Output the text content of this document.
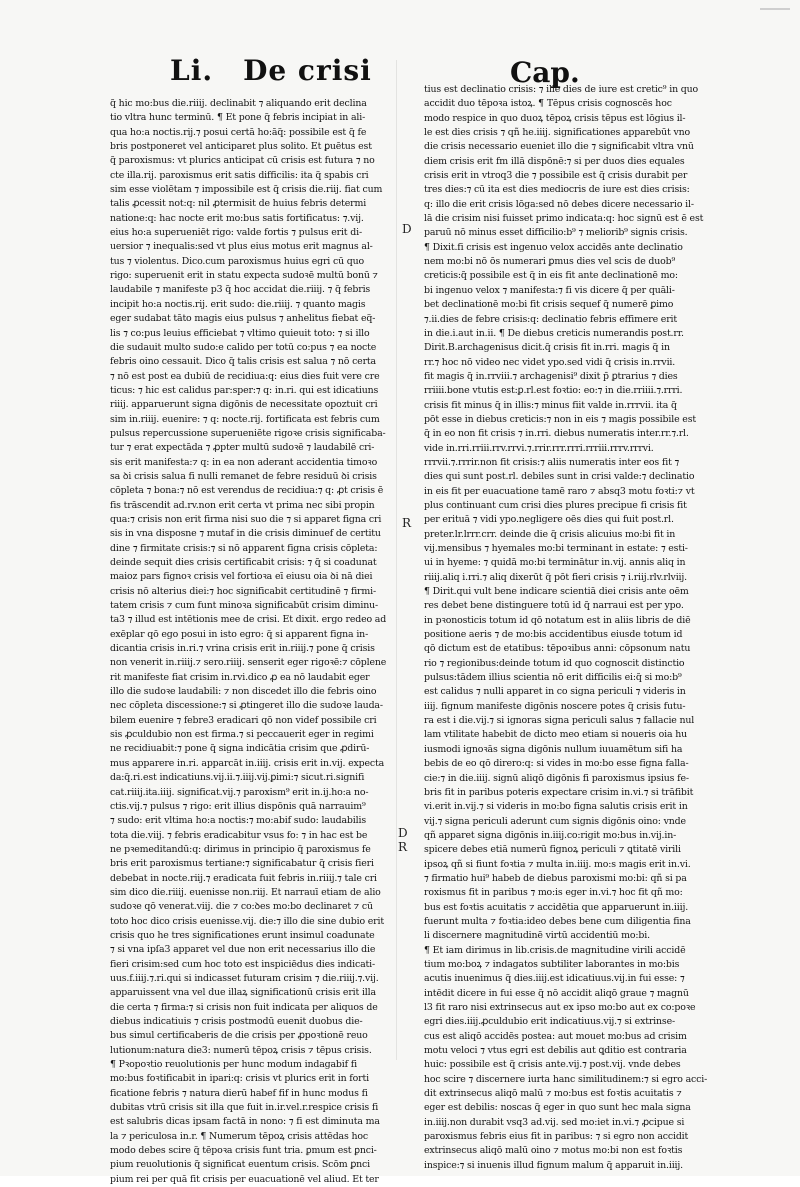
Li. De crisi	Cap.
q̃ hic mo:bus die.riiij. declinabit ⁊ aliquando erit declina
tio vltra hunc terminū. ¶ Et pone q̃ febris incipiat in ali-
qua ho:a noctis.rij.⁊ posui certā ho:āq̃: possibile est q̃ fe
bris postponeret vel anticiparet plus solito. Et ꝑuētus est
q̃ paroxismus: vt plurics anticipat cū crisis est futura ⁊ no
cte illa.rij. paroxismus erit satis difficilis: ita q̃ spabis cri
sim esse violētam ⁊ impossibile est q̃ crisis die.riij. fiat cum
talis ꝓcessit not:q: nil ꝓtermisit de huius febris determi
natione:q: hac nocte erit mo:bus satis fortificatus: ⁊.vij.
eius ho:a superueniēt rigo: valde fortis ⁊ pulsus erit di-
uersior ⁊ inequalis:sed vt plus eius motus erit magnus al-
tus ⁊ violentus. Dico.cum paroxismus huius egri cū quo
rigo: superuenit erit in statu expecta sudoꝛē multū bonū ⁊
laudabile ⁊ manifeste p3 q̃ hoc accidat die.riiij. ⁊ q̃ febris
incipit ho:a noctis.rij. erit sudo: die.riiij. ⁊ quanto magis
eger sudabat tāto magis eius pulsus ⁊ anhelitus fiebat eq̃-
lis ⁊ co:pus leuius efficiebat ⁊ vltimo quieuit toto: ⁊ si illo
die sudauit multo sudo:e calido per totū co:pus ⁊ ea nocte
febris oino cessauit. Dico q̃ talis crisis est salua ⁊ nō certa
⁊ nō est post ea dubiū de recidiua:q: eius dies fuit vere cre
ticus: ⁊ hic est calidus par:sper:⁊ q: in.ri. qui est idicatiuns
riiij. apparuerunt signa digōnis de necessitate opoztuit cri
sim in.riiij. euenire: ⁊ q: nocte.rij. fortificata est febris cum
pulsus repercussione superueniēte rigoꝛe crisis significaba-
tur ⁊ erat expectāda ⁊ ꝓpter multū sudoꝛē ⁊ laudabilē cri-
sis erit manifesta:⁊ q: in ea non aderant accidentia timoꝛo
sa ꝺi crisis salua fi nulli remanet de febre residuū ꝺi crisis
cōpleta ⁊ bona:⁊ nō est verendus de recidiua:⁊ q: ꝓt crisis ē
fis trāscendit ad.rv.non erit certa vt prima nec sibi propin
qua:⁊ crisis non erit firma nisi suo die ⁊ si apparet figna cri
sis in vna disposne ⁊ mutaf in die crisis diminuef de certitu
dine ⁊ firmitate crisis:⁊ si nō apparent figna crisis cōpleta:
deinde sequit dies crisis certificabit crisis: ⁊ q̃ si coadunat
maioz pars fignoꝛ crisis vel fortioꝛa eī eiusu oia ꝺi nā diei
crisis nō alterius diei:⁊ hoc significabit certitudinē ⁊ firmi-
tatem crisis ⁊ cum funt minoꝛa significabūt crisim diminu-
ta3 ⁊ illud est intētionis mee de crisi. Et dixit. ergo redeo ad
exēplar qō ego posui in isto egro: q̃ si apparent figna in-
dicantia crisis in.ri.⁊ vrina crisis erit in.riiij.⁊ pone q̃ crisis
non venerit in.riiij.⁊ sero.riiij. senserit eger rigoꝛē:⁊ cōplene
rit manifeste fiat crisim in.rvi.dico ꝓ ea nō laudabit eger
illo die sudoꝛe laudabili: ⁊ non discedet illo die febris oino
nec cōpleta discessione:⁊ si ꝓtingeret illo die sudoꝛe lauda-
bilem euenire ⁊ febre3 eradicari qō non videf possibile cri
sis ꝓculdubio non est firma.⁊ si peccauerit eger in regimi
ne recidiuabit:⁊ pone q̃ signa indicātia crisim que ꝓdirū-
mus apparere in.ri. apparcāt in.iiij. crisis erit in.vij. expecta
da:q̃.ri.est indicatiuns.vij.ii.⁊.iiij.vij.ꝑimi:⁊ sicut.ri.signifi
cat.riiij.ita.iiij. significat.vij.⁊ paroxism⁹ erit in.ij.ho:a no-
ctis.vij.⁊ pulsus ⁊ rigo: erit illius dispōnis quā narrauim⁹
⁊ sudo: erit vltima ho:a noctis:⁊ mo:abif sudo: laudabilis
tota die.viij. ⁊ febris eradicabitur vsus fo: ⁊ in hac est be
ne pꝛemeditandū:q: dirimus in principio q̃ paroxismus fe
bris erit paroxismus tertiane:⁊ significabatur q̃ crisis fieri
debebat in nocte.riij.⁊ eradicata fuit febris in.riiij.⁊ tale cri
sim dico die.riiij. euenisse non.riij. Et narrauī etiam de alio
sudoꝛe qō venerat.viij. die ⁊ co:ꝺes mo:bo declinaret ⁊ cū
toto hoc dico crisis euenisse.vij. die:⁊ illo die sine dubio erit
crisis quo he tres significationes erunt insimul coadunate
⁊ si vna ipſa3 apparet vel due non erit necessarius illo die
fieri crisim:sed cum hoc toto est inspiciēdus dies indicati-
uus.f.iiij.⁊.ri.qui si indicasset futuram crisim ⁊ die.riiij.⁊.vij.
apparuissent vna vel due illaꝝ significationū crisis erit illa
die certa ⁊ firma:⁊ si crisis non fuit indicata per aliquos de
diebus indicatiuis ⁊ crisis postmodū euenit duobus die-
bus simul certificaberis de die crisis per ꝓpoꝛtionē reuo
lutionum:natura die3: numerū tēpoꝝ crisis ⁊ tēpus crisis.
¶ Pꝛopoꝛtio reuolutionis per hunc modum indagabif fi
mo:bus foꝛtificabit in ipari:q: crisis vt plurics erit in forti
ficatione febris ⁊ natura dierū habef fif in hunc modus fi
dubitas vtrū crisis sit illa que fuit in.ir.vel.r.respice crisis fi
est salubris dicas ipsam factā in nono: ⁊ fi est diminuta ma
la ⁊ periculosa in.r. ¶ Numerum tēpoꝝ crisis attēdas hoc
modo debes scire q̃ tēpoꝛa crisis funt tria. ꝑmum est ꝑnci-
pium reuolutionis q̃ significat euentum crisis. Scōm ꝑnci
pium rei per quā fit crisis per euacuationē vel aliud. Et ter
tius est declinatio crisis: ⁊ ille dies de iure est cretic⁹ in quo
accidit duo tēpoꝛa istoꝝ. ¶ Tēpus crisis cognoscēs hoc
modo respice in quo duoꝝ tēpoꝝ crisis tēpus est lōgius il-
le est dies crisis ⁊ qñ he.iiij. significationes apparebūt vno
die crisis necessario eueniet illo die ⁊ significabit vltra vnū
diem crisis erit fm illā dispōnē:⁊ si per duos dies equales
crisis erit in vtroq3 die ⁊ possibile est q̃ crisis durabit per
tres dies:⁊ cū ita est dies mediocris de iure est dies crisis:
q: illo die erit crisis lōga:sed nō debes dicere necessario il-
lā die crisim nisi fuisset primo indicata:q: hoc signū est ē est
paruū nō minus esset difficilio:b⁹ ⁊ meliorib⁹ signis crisis.
¶ Dixit.fi crisis est ingenuo velox accidēs ante declinatio
nem mo:bi nō ōs numerari ꝑmus dies vel scis de duob⁹
creticis:q̃ possibile est q̃ in eis fit ante declinationē mo:
bi ingenuo velox ⁊ manifesta:⁊ fi vis dicere q̃ per quāli-
bet declinationē mo:bi fit crisis sequef q̃ numerē ꝑimo
⁊.ii.dies de febre crisis:q: declinatio febris effimere erit
in die.i.aut in.ii. ¶ De diebus creticis numerandis post.rr.
Dirit.B.archagenisus dicit.q̃ crisis fit in.rri. magis q̃ in
rr.⁊ hoc nō video nec videt ypo.sed vidi q̃ crisis in.rrvii.
fit magis q̃ in.rrviii.⁊ archagenisi⁹ dixit p̄ ꝑtrarius ⁊ dies
rriiii.bone vtutis est:ꝑ.rl.est foꝛtio: eo:⁊ in die.rriiii.⁊.rrri.
crisis fit minus q̃ in illis:⁊ minus fiit valde in.rrrvii. ita q̃
pōt esse in diebus creticis:⁊ non in eis ⁊ magis possibile est
q̃ in eo non fit crisis ⁊ in.rri. diebus numeratis inter.rr.⁊.rl.
vide in.rri.rriii.rrv.rrvi.⁊.rrir.rrr.rrri.rrriii.rrrv.rrrvi.
rrrvii.⁊.rrrir.non fit crisis:⁊ aliis numeratis inter eos fit ⁊
dies qui sunt post.rl. debiles sunt in crisi valde:⁊ declinatio
in eis fit per euacuatione tamē raro ⁊ absq3 motu foꝛti:⁊ vt
plus continuant cum crisi dies plures precipue fi crisis fit
per erituā ⁊ vidi ypo.negligere oēs dies qui fuit post.rl.
preter.lr.lrrr.crr. deinde die q̃ crisis alicuius mo:bi fit in
vij.mensibus ⁊ hyemales mo:bi terminant in estate: ⁊ esti-
ui in hyeme: ⁊ quidā mo:bi terminātur in.vij. annis aliq in
riiij.aliq i.rri.⁊ aliq dixerūt q̃ pōt fieri crisis ⁊ i.riij.rlv.rlviij.
¶ Dirit.qui vult bene indicare scientiā diei crisis ante oēm
res debet bene distinguere totū id q̃ narraui est per ypo.
in pꝛonosticis totum id qō notatum est in aliis libris de diē
positione aeris ⁊ de mo:bis accidentibus eiusde totum id
qō dictum est de etatibus: tēpoꝛibus anni: cōpsonum natu
rio ⁊ regionibus:deinde totum id quo cognoscit distinctio
pulsus:tādem illius scientia nō erit difficilis ei:q̃ si mo:b⁹
est calidus ⁊ nulli apparet in co signa periculi ⁊ videris in
iiij. fignum manifeste digōnis noscere potes q̃ crisis futu-
ra est i die.vij.⁊ si ignoras signa periculi salus ⁊ fallacie nul
lam vtilitate habebit de dicto meo etiam si noueris oia hu
iusmodi ignoꝛās signa digōnis nullum iuuamētum sifi ha
bebis de eo qō direro:q: si vides in mo:bo esse figna falla-
cie:⁊ in die.iiij. signū aliqō digōnis fi paroxismus ipsius fe-
bris fit in paribus poteris expectare crisim in.vi.⁊ si trāfibit
vi.erit in.vij.⁊ si videris in mo:bo figna salutis crisis erit in
vij.⁊ signa periculi aderunt cum signis digōnis oino: vnde
qñ apparet signa digōnis in.iiij.co:rigit mo:bus in.vij.in-
spicere debes etiā numerū fignoꝝ periculi ⁊ ꝗtitatē virili
ipsoꝝ qñ si fiunt foꝛtia ⁊ multa in.iiij. mo:s magis erit in.vi.
⁊ firmatio hui⁹ habeb de diebus paroxismi mo:bi: qñ si pa
roxismus fit in paribus ⁊ mo:is eger in.vi.⁊ hoc fit qñ mo:
bus est foꝛtis acuitatis ⁊ accidētia que apparuerunt in.iiij.
fuerunt multa ⁊ foꝛtia:ideo debes bene cum diligentia fina
li discernere magnitudinē virtū accidentiū mo:bi.
¶ Et iam dirimus in lib.crisis.de magnitudine virili accidē
tium mo:boꝝ ⁊ indagatos subtiliter laborantes in mo:bis
acutis inuenimus q̃ dies.iiij.est idicatiuus.vij.in fui esse: ⁊
intēdit dicere in fui esse q̃ nō accidit aliqō graue ⁊ magnū
l3 fit raro nisi extrinsecus aut ex ipso mo:bo aut ex co:poꝛe
egri dies.iiij.ꝓculdubio erit indicatiuus.vij.⁊ si extrinse-
cus est aliqō accidēs postea: aut mouet mo:bus ad crisim
motu veloci ⁊ vtus egri est debilis aut ꝗditio est contraria
huic: possibile est q̃ crisis ante.vij.⁊ post.vij. vnde debes
hoc scire ⁊ discernere iurta hanc similitudinem:⁊ si egro acci-
dit extrinsecus aliqō malū ⁊ mo:bus est foꝛtis acuitatis ⁊
eger est debilis: noscas q̃ eger in quo sunt hec mala signa
in.iiij.non durabit vsq3 ad.vij. sed mo:iet in.vi.⁊ ꝓcipue si
paroxismus febris eius fit in paribus: ⁊ si egro non accidit
extrinsecus aliqō malū oino ⁊ motus mo:bi non est foꝛtis
inspice:⁊ si inuenis illud fignum malum q̃ apparuit in.iiij.
D
R
D
R
